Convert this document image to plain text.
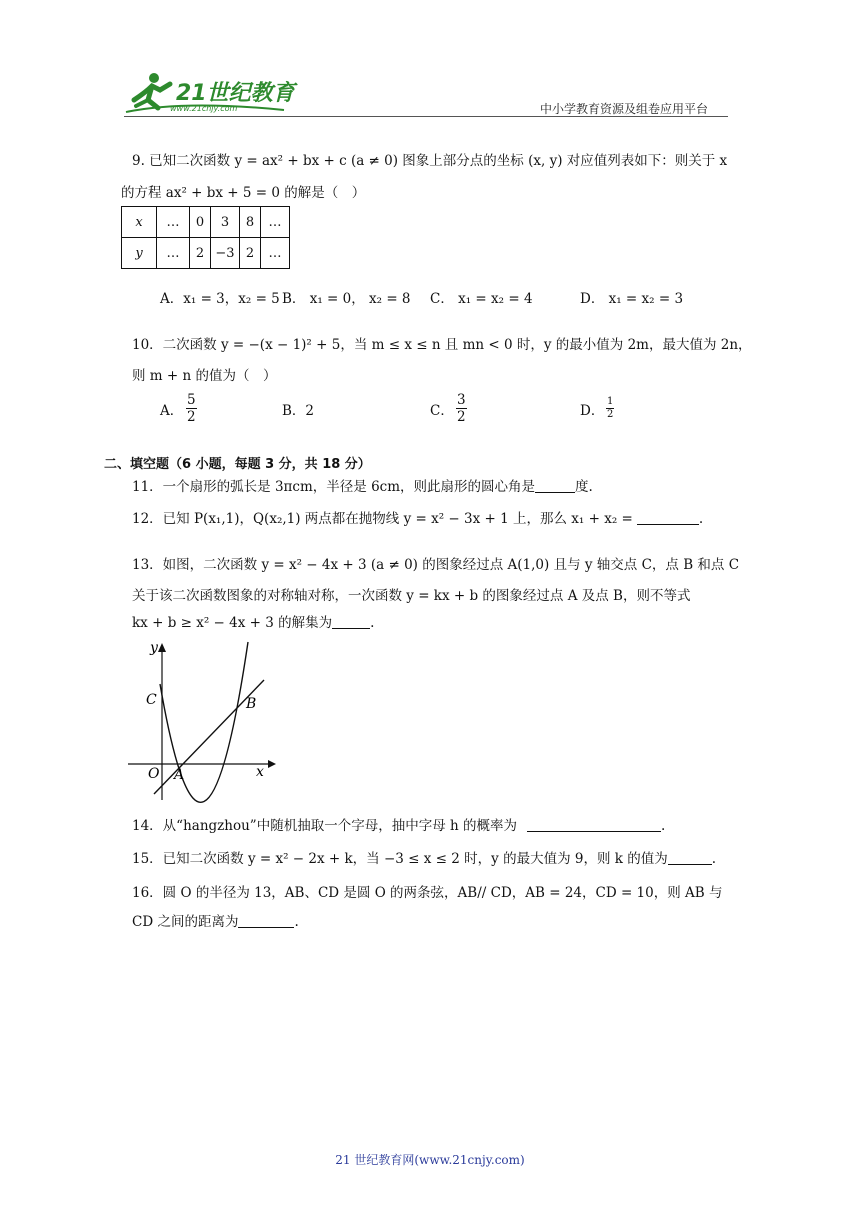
21世纪教育
www.21cnjy.com	中小学教育资源及组卷应用平台
9. 已知二次函数 y = ax² + bx + c (a ≠ 0) 图象上部分点的坐标 (x, y) 对应值列表如下：则关于 x
的方程 ax² + bx + 5 = 0 的解是（　）
x	…	0	3	8	…
y	…	2	−3	2	…
A．x₁ = 3，x₂ = 5 B． x₁ = 0， x₂ = 8 C． x₁ = x₂ = 4	D． x₁ = x₂ = 3
10．二次函数 y = −(x − 1)² + 5，当 m ≤ x ≤ n 且 mn < 0 时，y 的最小值为 2m，最大值为 2n，
则 m + n 的值为（　）
A． $\frac{5}{2}$	B．2	C． $\frac{3}{2}$	D． $\frac{1}{2}$
二、填空题（6 小题，每题 3 分，共 18 分）
11．一个扇形的弧长是 3πcm，半径是 6cm，则此扇形的圆心角是	度.
12．已知 P(x₁,1)，Q(x₂,1) 两点都在抛物线 y = x² − 3x + 1 上，那么 x₁ + x₂ =	.
13．如图，二次函数 y = x² − 4x + 3 (a ≠ 0) 的图象经过点 A(1,0) 且与 y 轴交点 C，点 B 和点 C
关于该二次函数图象的对称轴对称，一次函数 y = kx + b 的图象经过点 A 及点 B，则不等式
kx + b ≥ x² − 4x + 3 的解集为	.
y
x
O A
B
C
14．从“hangzhou”中随机抽取一个字母，抽中字母 h 的概率为	.
15．已知二次函数 y = x² − 2x + k，当 −3 ≤ x ≤ 2 时，y 的最大值为 9，则 k 的值为	.
16．圆 O 的半径为 13，AB、CD 是圆 O 的两条弦，AB// CD，AB = 24，CD = 10，则 AB 与
CD 之间的距离为	.
21 世纪教育网(www.21cnjy.com)
